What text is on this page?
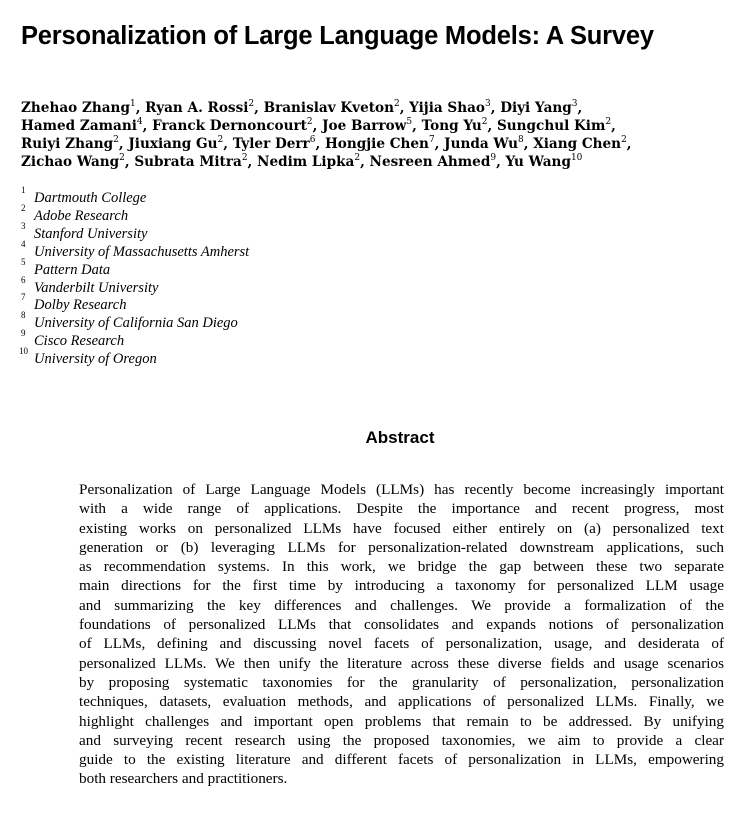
Personalization of Large Language Models: A Survey
Zhehao Zhang$^1$, Ryan A. Rossi$^2$, Branislav Kveton$^2$, Yijia Shao$^3$, Diyi Yang$^3$,
Hamed Zamani$^4$, Franck Dernoncourt$^2$, Joe Barrow$^5$, Tong Yu$^2$, Sungchul Kim$^2$,
Ruiyi Zhang$^2$, Jiuxiang Gu$^2$, Tyler Derr$^6$, Hongjie Chen$^7$, Junda Wu$^8$, Xiang Chen$^2$,
Zichao Wang$^2$, Subrata Mitra$^2$, Nedim Lipka$^2$, Nesreen Ahmed$^9$, Yu Wang$^{10}$
1 Dartmouth College
2 Adobe Research
3 Stanford University
4 University of Massachusetts Amherst
5 Pattern Data
6 Vanderbilt University
7 Dolby Research
8 University of California San Diego
9 Cisco Research
10 University of Oregon
Abstract
Personalization of Large Language Models (LLMs) has recently become increasingly important
with a wide range of applications. Despite the importance and recent progress, most
existing works on personalized LLMs have focused either entirely on (a) personalized text
generation or (b) leveraging LLMs for personalization-related downstream applications, such
as recommendation systems. In this work, we bridge the gap between these two separate
main directions for the first time by introducing a taxonomy for personalized LLM usage
and summarizing the key differences and challenges. We provide a formalization of the
foundations of personalized LLMs that consolidates and expands notions of personalization
of LLMs, defining and discussing novel facets of personalization, usage, and desiderata of
personalized LLMs. We then unify the literature across these diverse fields and usage scenarios
by proposing systematic taxonomies for the granularity of personalization, personalization
techniques, datasets, evaluation methods, and applications of personalized LLMs. Finally, we
highlight challenges and important open problems that remain to be addressed. By unifying
and surveying recent research using the proposed taxonomies, we aim to provide a clear
guide to the existing literature and different facets of personalization in LLMs, empowering
both researchers and practitioners.
